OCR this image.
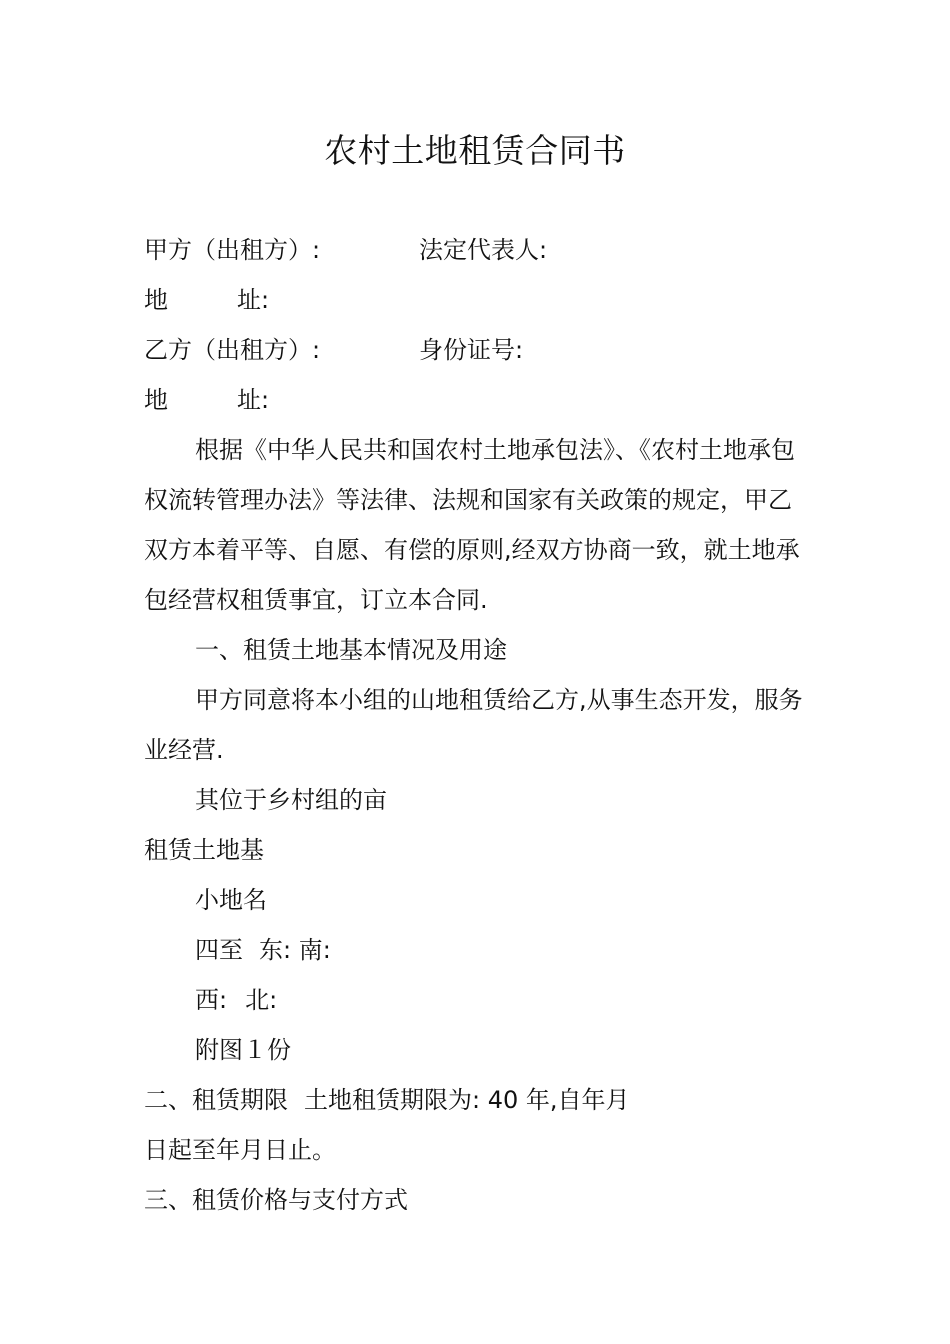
农村土地租赁合同书
甲方（出租方）:	法定代表人:
地	址:
乙方（出租方）:	身份证号:
地	址:
根据《中华人民共和国农村土地承包法》、《农村土地承包权流转管理办法》等法律、法规和国家有关政策的规定，甲乙双方本着平等、自愿、有偿的原则,经双方协商一致，就土地承包经营权租赁事宜，订立本合同.
一、租赁土地基本情况及用途
甲方同意将本小组的山地租赁给乙方,从事生态开发，服务业经营.
其位于乡村组的亩
租赁土地基
小地名
四至 东: 南:
西: 北:
附图１份
二、租赁期限 土地租赁期限为: 40 年,自年月
日起至年月日止。
三、租赁价格与支付方式
